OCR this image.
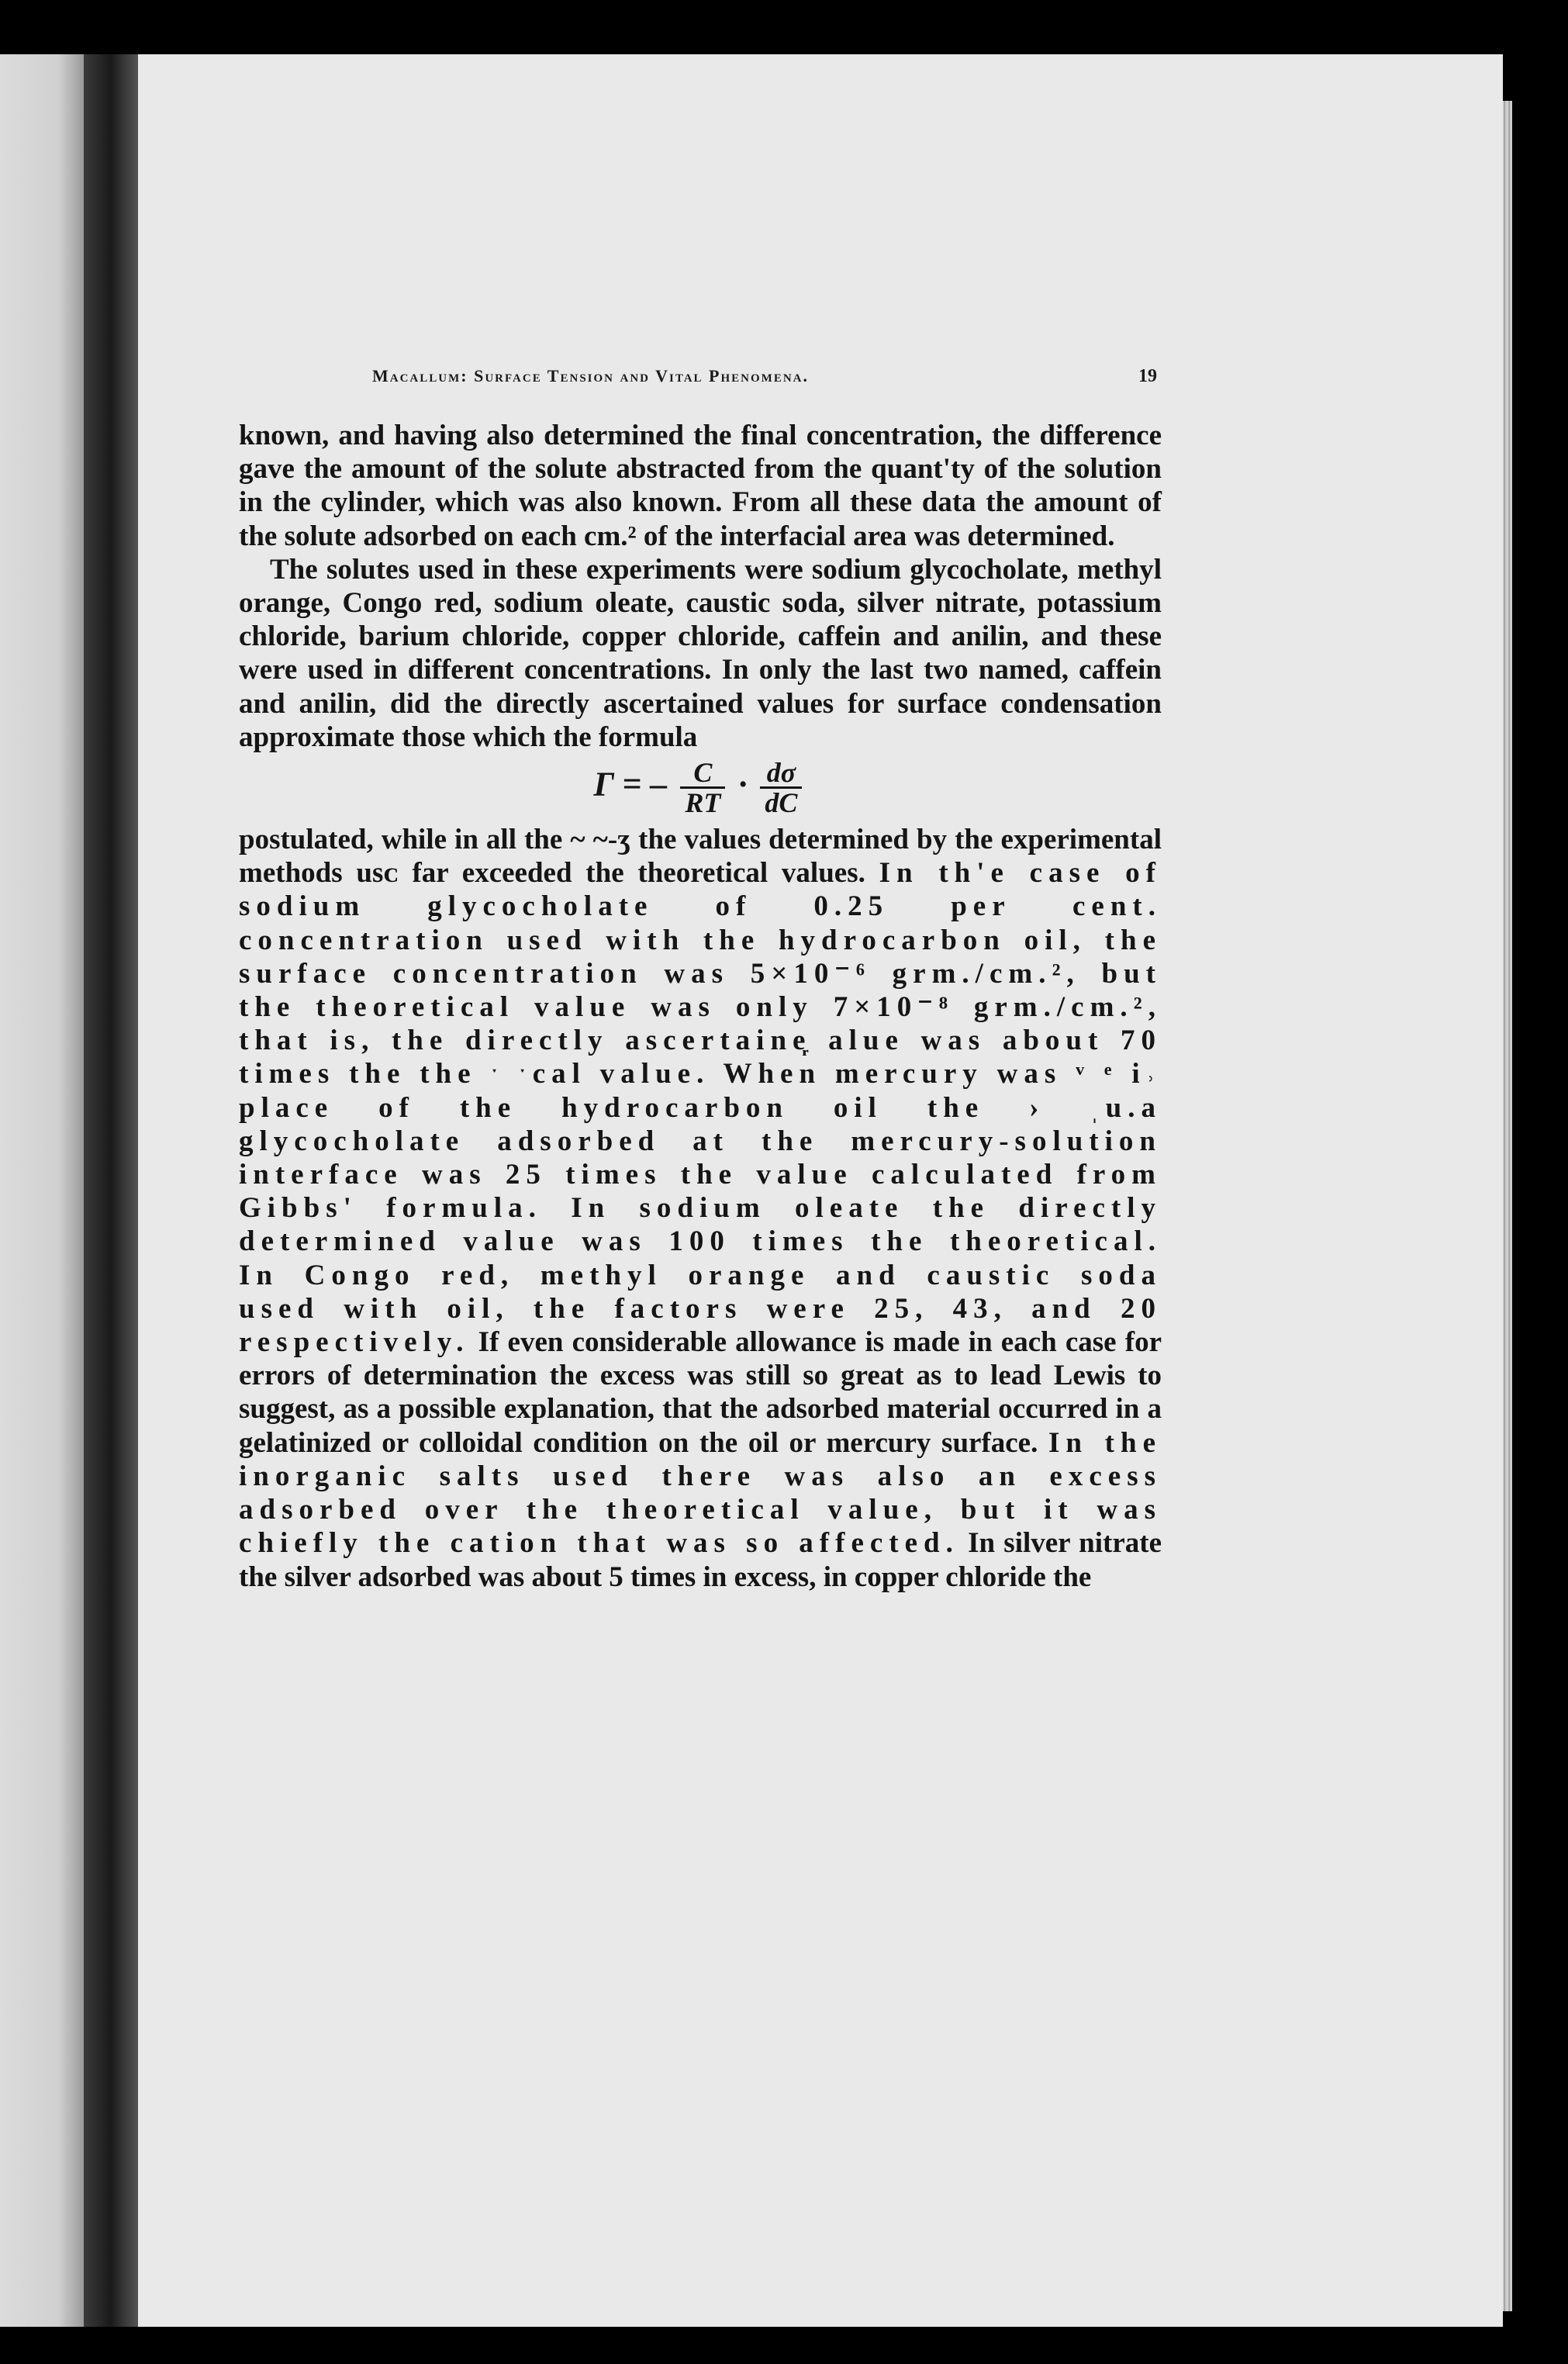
Macallum: Surface Tension and Vital Phenomena.	19

known, and having also determined the final concentration, the difference gave the amount of the solute abstracted from the quant'ty of the solution in the cylinder, which was also known. From all these data the amount of the solute adsorbed on each cm.² of the interfacial area was determined.

The solutes used in these experiments were sodium glycocholate, methyl orange, Congo red, sodium oleate, caustic soda, silver nitrate, potassium chloride, barium chloride, copper chloride, caffein and anilin, and these were used in different concentrations. In only the last two named, caffein and anilin, did the directly ascertained values for surface condensation approximate those which the formula

Γ = – $\frac{C}{RT} \cdot \frac{d\sigma}{dC}$

postulated, while in all the ~ ~-ʒ the values determined by the experimental methods usᴄ far exceeded the theoretical values. In th'e case of sodium glycocholate of 0.25 per cent. concentration used with the hydrocarbon oil, the surface concentration was 5×10⁻⁶ grm./cm.², but the theoretical value was only 7×10⁻⁸ grm./cm.², that is, the directly ascertaine᷊ alue was about 70 times the the ˑ ˑcal value. When mercury was ᵛ ᵉ i˒ place of the hydrocarbon oil the › ˌu.a glycocholate adsorbed at the mercury-solution interface was 25 times the value calculated from Gibbs' formula. In sodium oleate the directly determined value was 100 times the theoretical. In Congo red, methyl orange and caustic soda used with oil, the factors were 25, 43, and 20 respectively. If even considerable allowance is made in each case for errors of determination the excess was still so great as to lead Lewis to suggest, as a possible explanation, that the adsorbed material occurred in a gelatinized or colloidal condition on the oil or mercury surface. In the inorganic salts used there was also an excess adsorbed over the theoretical value, but it was chiefly the cation that was so affected. In silver nitrate the silver adsorbed was about 5 times in excess, in copper chloride the
